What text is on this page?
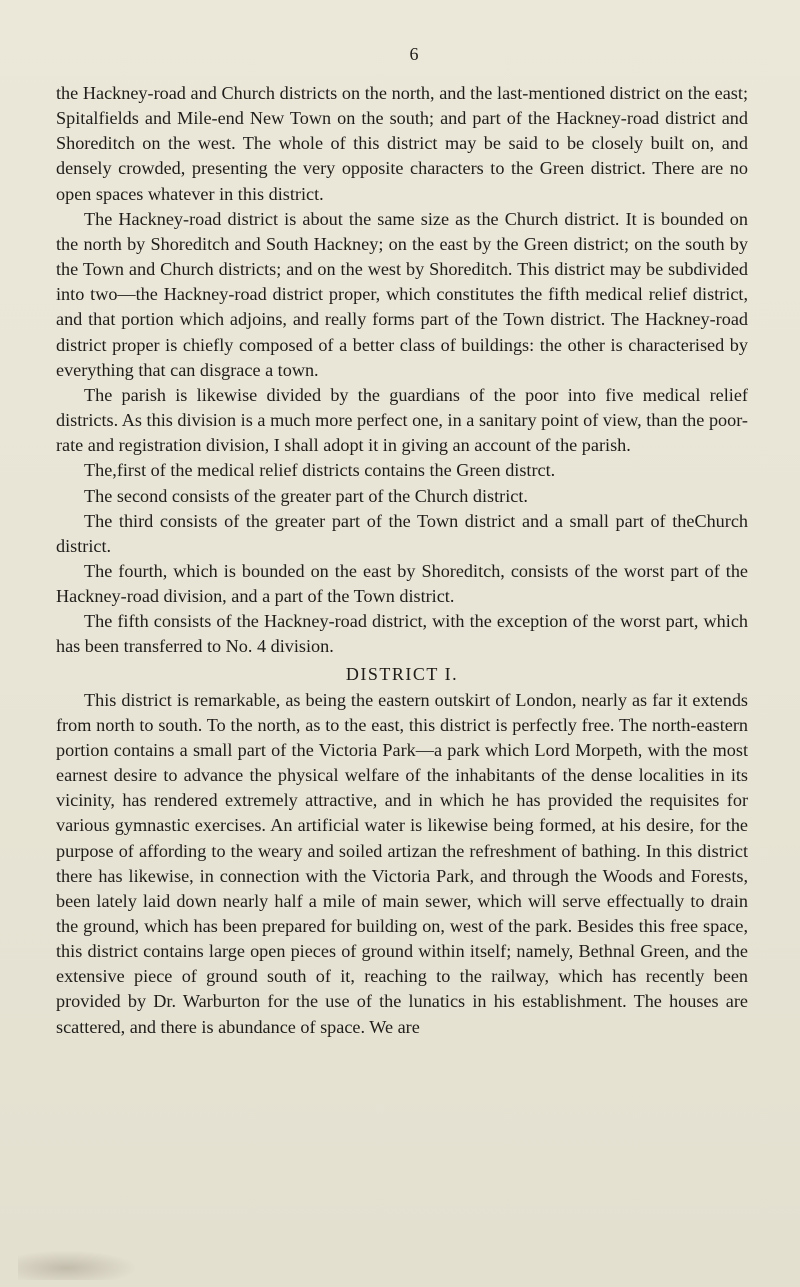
6

the Hackney-road and Church districts on the north, and the last-mentioned district on the east; Spitalfields and Mile-end New Town on the south; and part of the Hackney-road district and Shoreditch on the west. The whole of this district may be said to be closely built on, and densely crowded, presenting the very opposite characters to the Green district. There are no open spaces whatever in this district.

The Hackney-road district is about the same size as the Church district. It is bounded on the north by Shoreditch and South Hackney; on the east by the Green district; on the south by the Town and Church districts; and on the west by Shoreditch. This district may be subdivided into two—the Hackney-road district proper, which constitutes the fifth medical relief district, and that portion which adjoins, and really forms part of the Town district. The Hackney-road district proper is chiefly composed of a better class of buildings: the other is characterised by everything that can disgrace a town.

The parish is likewise divided by the guardians of the poor into five medical relief districts. As this division is a much more perfect one, in a sanitary point of view, than the poor-rate and registration division, I shall adopt it in giving an account of the parish.

The,first of the medical relief districts contains the Green distrct.

The second consists of the greater part of the Church district.

The third consists of the greater part of the Town district and a small part of theChurch district.

The fourth, which is bounded on the east by Shoreditch, consists of the worst part of the Hackney-road division, and a part of the Town district.

The fifth consists of the Hackney-road district, with the exception of the worst part, which has been transferred to No. 4 division.

DISTRICT I.

This district is remarkable, as being the eastern outskirt of London, nearly as far it extends from north to south. To the north, as to the east, this district is perfectly free. The north-eastern portion contains a small part of the Victoria Park—a park which Lord Morpeth, with the most earnest desire to advance the physical welfare of the inhabitants of the dense localities in its vicinity, has rendered extremely attractive, and in which he has provided the requisites for various gymnastic exercises. An artificial water is likewise being formed, at his desire, for the purpose of affording to the weary and soiled artizan the refreshment of bathing. In this district there has likewise, in connection with the Victoria Park, and through the Woods and Forests, been lately laid down nearly half a mile of main sewer, which will serve effectually to drain the ground, which has been prepared for building on, west of the park. Besides this free space, this district contains large open pieces of ground within itself; namely, Bethnal Green, and the extensive piece of ground south of it, reaching to the railway, which has recently been provided by Dr. Warburton for the use of the lunatics in his establishment. The houses are scattered, and there is abundance of space. We are
